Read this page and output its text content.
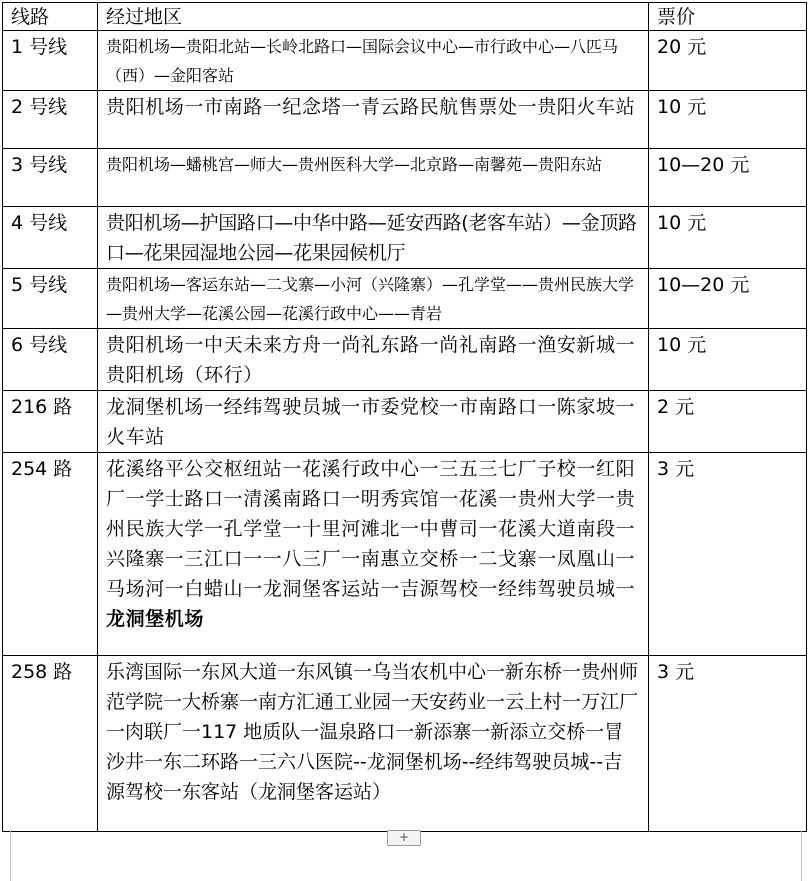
线路	经过地区	票价
1 号线	贵阳机场—贵阳北站—长岭北路口—国际会议中心—市行政中心—八匹马（西）—金阳客站	20 元
2 号线	贵阳机场一市南路一纪念塔一青云路民航售票处一贵阳火车站	10 元
3 号线	贵阳机场—蟠桃宫—师大—贵州医科大学—北京路—南馨苑—贵阳东站	10—20 元
4 号线	贵阳机场—护国路口—中华中路—延安西路(老客车站）—金顶路口—花果园湿地公园—花果园候机厅	10 元
5 号线	贵阳机场—客运东站—二戈寨—小河（兴隆寨）—孔学堂——贵州民族大学—贵州大学—花溪公园—花溪行政中心——青岩	10—20 元
6 号线	贵阳机场一中天未来方舟一尚礼东路一尚礼南路一渔安新城一贵阳机场（环行）	10 元
216 路	龙洞堡机场一经纬驾驶员城一市委党校一市南路口一陈家坡一火车站	2 元
254 路	花溪络平公交枢纽站一花溪行政中心一三五三七厂子校一红阳厂一学士路口一清溪南路口一明秀宾馆一花溪一贵州大学一贵州民族大学一孔学堂一十里河滩北一中曹司一花溪大道南段一兴隆寨一三江口一一八三厂一南惠立交桥一二戈寨一凤凰山一马场河一白蜡山一龙洞堡客运站一吉源驾校一经纬驾驶员城一龙洞堡机场	3 元
258 路	乐湾国际一东风大道一东风镇一乌当农机中心一新东桥一贵州师范学院一大桥寨一南方汇通工业园一天安药业一云上村一万江厂一肉联厂一117 地质队一温泉路口一新添寨一新添立交桥一冒沙井一东二环路一三六八医院--龙洞堡机场--经纬驾驶员城--吉源驾校一东客站（龙洞堡客运站）	3 元
+
